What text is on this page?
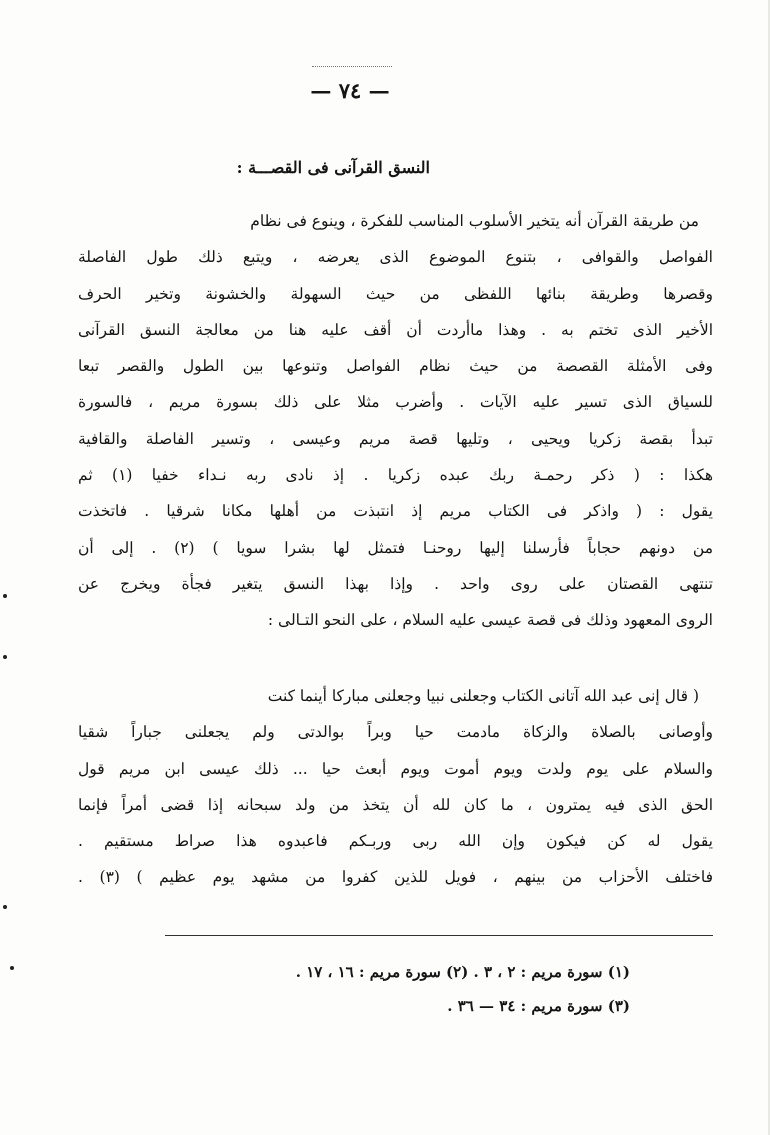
— ٧٤ —
النسق القرآنى فى القصـــة :
من طريقة القرآن أنه يتخير الأسلوب المناسب للفكرة ، وينوع فى نظام
الفواصل والقوافى ، بتنوع الموضوع الذى يعرضه ، ويتبع ذلك طول الفاصلة
وقصرها وطريقة بنائها اللفظى من حيث السهولة والخشونة وتخير الحرف
الأخير الذى تختم به . وهذا ماأردت أن أقف عليه هنا من معالجة النسق القرآنى
وفى الأمثلة القصصة من حيث نظام الفواصل وتنوعها بين الطول والقصر تبعا
للسياق الذى تسير عليه الآيات . وأضرب مثلا على ذلك بسورة مريم ، فالسورة
تبدأ بقصة زكريا ويحيى ، وتليها قصة مريم وعيسى ، وتسير الفاصلة والقافية
هكذا : ( ذكر رحمـة ربك عبده زكريا . إذ نادى ربه نـداء خفيا (١) ثم
يقول : ( واذكر فى الكتاب مريم إذ انتبذت من أهلها مكانا شرقيا . فاتخذت
من دونهم حجاباً فأرسلنا إليها روحنـا فتمثل لها بشرا سويا ) (٢) . إلى أن
تنتهى القصتان على روى واحد . وإذا بهذا النسق يتغير فجأة ويخرج عن
الروى المعهود وذلك فى قصة عيسى عليه السلام ، على النحو التـالى :
( قال إنى عبد الله آتانى الكتاب وجعلنى نبيا وجعلنى مباركا أينما كنت
وأوصانى بالصلاة والزكاة مادمت حيا وبراً بوالدتى ولم يجعلنى جباراً شقيا
والسلام على يوم ولدت ويوم أموت ويوم أبعث حيا ... ذلك عيسى ابن مريم قول
الحق الذى فيه يمترون ، ما كان لله أن يتخذ من ولد سبحانه إذا قضى أمراً فإنما
يقول له كن فيكون وإن الله ربى وربـكم فاعبدوه هذا صراط مستقيم .
فاختلف الأحزاب من بينهم ، فويل للذين كفروا من مشهد يوم عظيم ) (٣) .
(١) سورة مريم : ٢ ، ٣ . (٢) سورة مريم : ١٦ ، ١٧ .
(٣) سورة مريم : ٣٤ — ٣٦ .
